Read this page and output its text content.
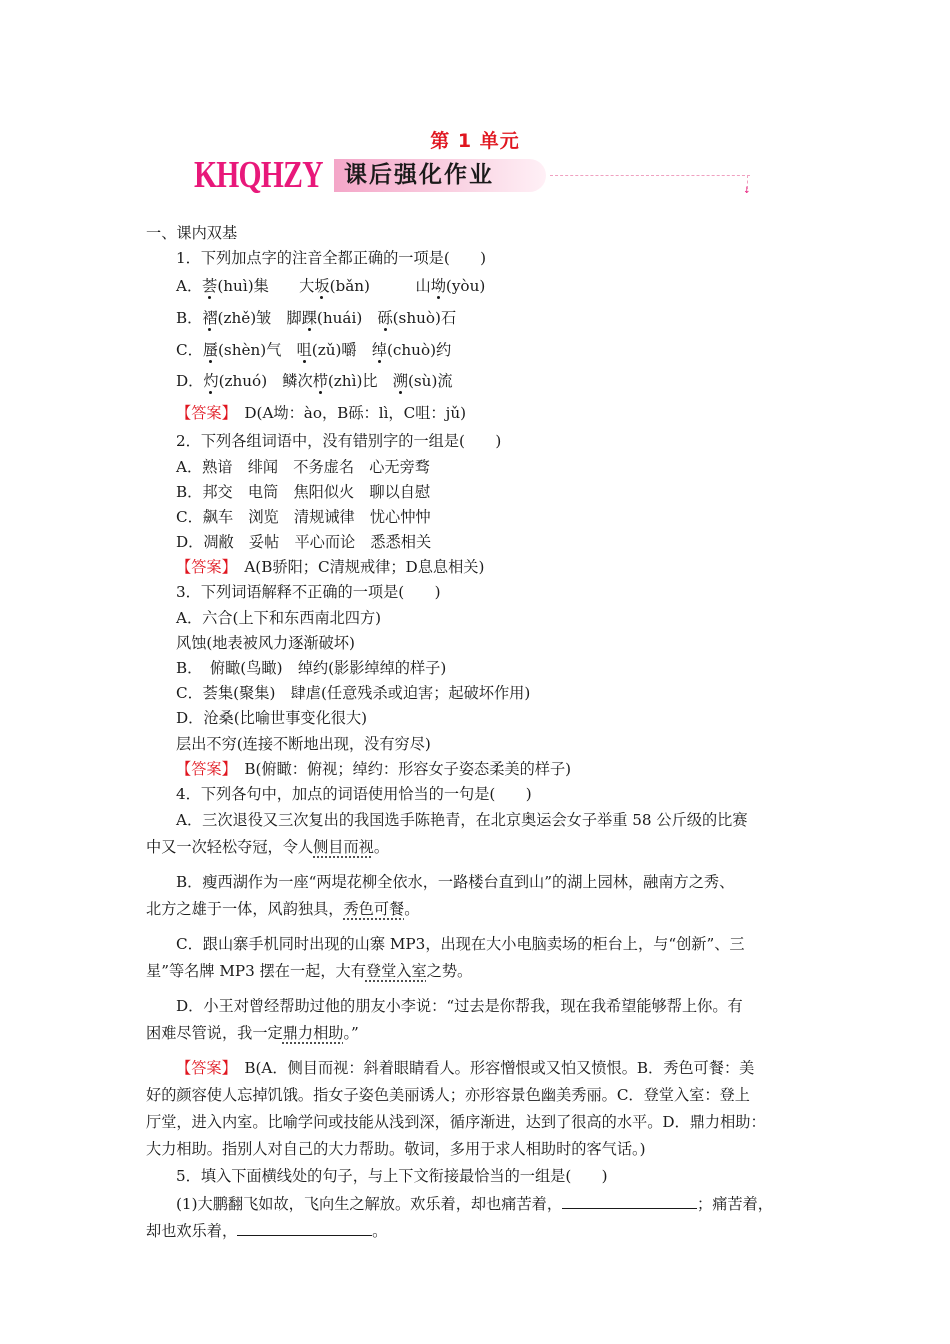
第 1 单元
KHQHZY 课后强化作业
↓
一、课内双基
1．下列加点字的注音全都正确的一项是(　　)
A．荟(huì)集　　大坂(bǎn)　　　山坳(yòu)
B．褶(zhě)皱　脚踝(huái)　砾(shuò)石
C．蜃(shèn)气　咀(zǔ)嚼　绰(chuò)约
D．灼(zhuó)　鳞次栉(zhì)比　溯(sù)流
【答案】　D(A坳：ào，B砾：lì，C咀：jǔ)
2．下列各组词语中，没有错别字的一组是(　　)
A．熟谙　绯闻　不务虚名　心无旁骛
B．邦交　电筒　焦阳似火　聊以自慰
C．飙车　浏览　清规诫律　忧心忡忡
D．凋敝　妥帖　平心而论　悉悉相关
【答案】　A(B骄阳；C清规戒律；D息息相关)
3．下列词语解释不正确的一项是(　　)
A．六合(上下和东西南北四方)
风蚀(地表被风力逐渐破坏)
B．　俯瞰(鸟瞰)　绰约(影影绰绰的样子)
C．荟集(聚集)　肆虐(任意残杀或迫害；起破坏作用)
D．沧桑(比喻世事变化很大)
层出不穷(连接不断地出现，没有穷尽)
【答案】　B(俯瞰：俯视；绰约：形容女子姿态柔美的样子)
4．下列各句中，加点的词语使用恰当的一句是(　　)
A．三次退役又三次复出的我国选手陈艳青，在北京奥运会女子举重 58 公斤级的比赛
中又一次轻松夺冠，令人侧目而视。
B．瘦西湖作为一座“两堤花柳全依水，一路楼台直到山”的湖上园林，融南方之秀、
北方之雄于一体，风韵独具，秀色可餐。
C．跟山寨手机同时出现的山寨 MP3，出现在大小电脑卖场的柜台上，与“创新”、三
星”等名牌 MP3 摆在一起，大有登堂入室之势。
D．小王对曾经帮助过他的朋友小李说：“过去是你帮我，现在我希望能够帮上你。有
困难尽管说，我一定鼎力相助。”
【答案】　B(A．侧目而视：斜着眼睛看人。形容憎恨或又怕又愤恨。B．秀色可餐：美
好的颜容使人忘掉饥饿。指女子姿色美丽诱人；亦形容景色幽美秀丽。C．登堂入室：登上
厅堂，进入内室。比喻学问或技能从浅到深，循序渐进，达到了很高的水平。D．鼎力相助：
大力相助。指别人对自己的大力帮助。敬词，多用于求人相助时的客气话。)
5．填入下面横线处的句子，与上下文衔接最恰当的一组是(　　)
(1)大鹏翻飞如故，飞向生之解放。欢乐着，却也痛苦着，	；痛苦着，
却也欢乐着，	。
